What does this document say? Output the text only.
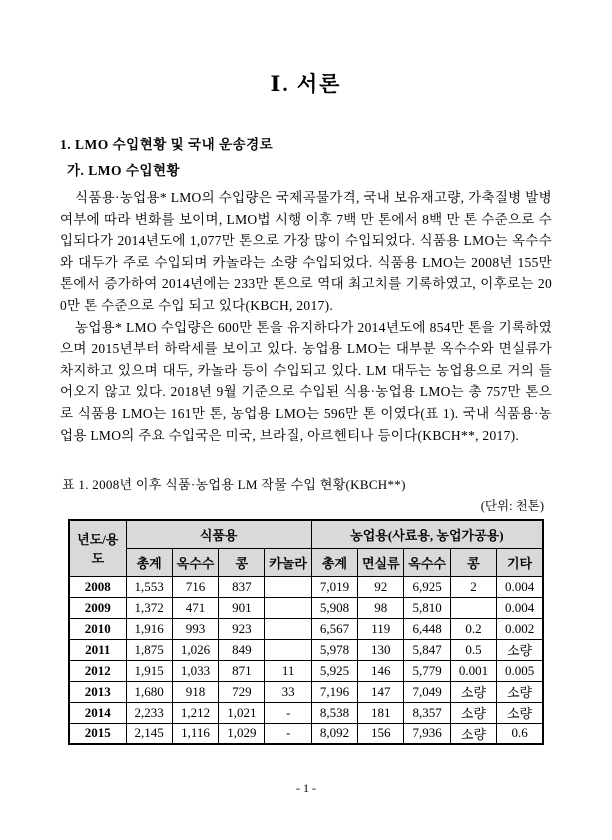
Ⅰ. 서론
1. LMO 수입현황 및 국내 운송경로
가. LMO 수입현황

식품용·농업용* LMO의 수입량은 국제곡물가격, 국내 보유재고량, 가축질병 발병여부에 따라 변화를 보이며, LMO법 시행 이후 7백 만 톤에서 8백 만 톤 수준으로 수입되다가 2014년도에 1,077만 톤으로 가장 많이 수입되었다. 식품용 LMO는 옥수수와 대두가 주로 수입되며 카놀라는 소량 수입되었다. 식품용 LMO는 2008년 155만 톤에서 증가하여 2014년에는 233만 톤으로 역대 최고치를 기록하였고, 이후로는 200만 톤 수준으로 수입 되고 있다(KBCH, 2017).

농업용* LMO 수입량은 600만 톤을 유지하다가 2014년도에 854만 톤을 기록하였으며 2015년부터 하락세를 보이고 있다. 농업용 LMO는 대부분 옥수수와 면실류가 차지하고 있으며 대두, 카놀라 등이 수입되고 있다. LM 대두는 농업용으로 거의 들어오지 않고 있다. 2018년 9월 기준으로 수입된 식용·농업용 LMO는 총 757만 톤으로 식품용 LMO는 161만 톤, 농업용 LMO는 596만 톤 이였다(표 1). 국내 식품용·농업용 LMO의 주요 수입국은 미국, 브라질, 아르헨티나 등이다(KBCH**, 2017).

표 1. 2008년 이후 식품·농업용 LM 작물 수입 현황(KBCH**)
(단위: 천톤)
년도/용도	식품용				농업용(사료용, 농업가공용)				
	총계	옥수수	콩	카놀라	총계	면실류	옥수수	콩	기타
2008	1,553	716	837		7,019	92	6,925	2	0.004
2009	1,372	471	901		5,908	98	5,810		0.004
2010	1,916	993	923		6,567	119	6,448	0.2	0.002
2011	1,875	1,026	849		5,978	130	5,847	0.5	소량
2012	1,915	1,033	871	11	5,925	146	5,779	0.001	0.005
2013	1,680	918	729	33	7,196	147	7,049	소량	소량
2014	2,233	1,212	1,021	-	8,538	181	8,357	소량	소량
2015	2,145	1,116	1,029	-	8,092	156	7,936	소량	0.6
- 1 -
